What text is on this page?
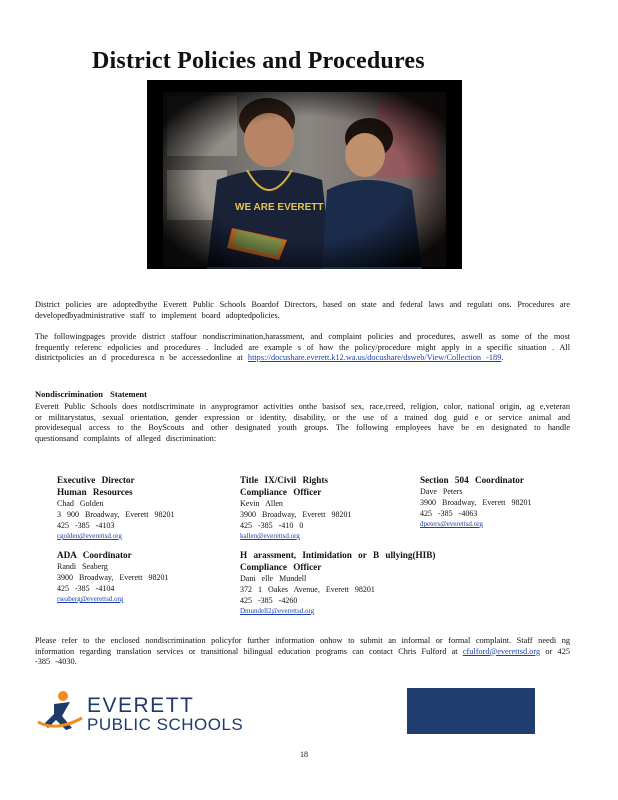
District Policies and Procedures
District policies are adoptedbythe Everett Public Schools Boardof Directors, based on state and federal laws and regulati ons. Procedures are developedbyadministrative staff to implement board adoptedpolicies.
The followingpages provide district staffour nondiscrimination,harassment, and complaint policies and procedures, aswell as some of the most frequently referenc edpolicies and procedures . Included are example s of how the policy/procedure might apply in a specific situation . All districtpolicies an d proceduresca n be accessedonline at https://docushare.everett.k12.wa.us/docushare/dsweb/View/Collection -189.
Nondiscrimination Statement
Everett Public Schools does notdiscriminate in anyprogramor activities onthe basisof sex, race,creed, religion, color, national origin, ag e,veteran or militarystatus, sexual orientation, gender expression or identity, disability, or the use of a trained dog guid e or service animal and providesequal access to the BoyScouts and other designated youth groups. The following employees have be en designated to handle questionsand complaints of alleged discrimination:
Executive Director
Human Resources
Chad Golden
3 900 Broadway, Everett 98201
425 -385 -4103
cgolden@everettsd.org
Title IX/Civil Rights
Compliance Officer
Kevin Allen
3900 Broadway, Everett 98201
425 -385 -410 0
kallen@everettsd.org
Section 504 Coordinator
Dave Peters
3900 Broadway, Everett 98201
425 -385 -4063
dpeters@everettsd.org
ADA Coordinator
Randi Seaberg
3900 Broadway, Everett 98201
425 -385 -4104
rseaberg@everettsd.org
H arassment, Intimidation or B ullying(HIB)
Compliance Officer
Dani elle Mundell
372 1 Oakes Avenue, Everett 98201
425 -385 -4260
Dmundell2@everettsd.org
Please refer to the enclosed nondiscrimination policyfor further information onhow to submit an informal or formal complaint. Staff needi ng information regarding translation services or transitional bilingual education programs can contact Chris Fulford at cfulford@everettsd.org or 425 -385 -4030.
EVERETT
PUBLIC SCHOOLS
18
